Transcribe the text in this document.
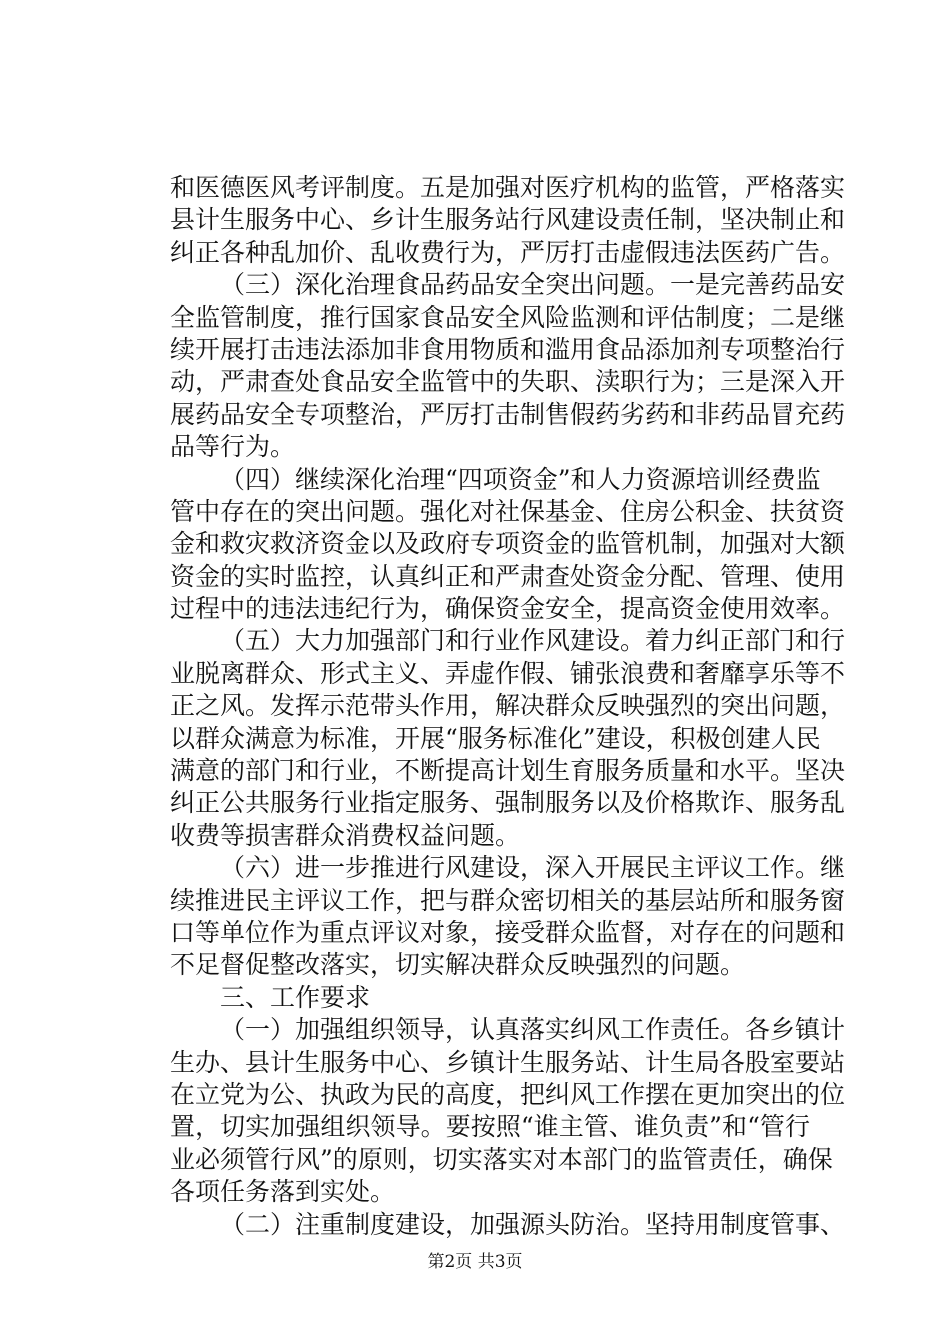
和医德医风考评制度。五是加强对医疗机构的监管，严格落实
县计生服务中心、乡计生服务站行风建设责任制，坚决制止和
纠正各种乱加价、乱收费行为，严厉打击虚假违法医药广告。
（三）深化治理食品药品安全突出问题。一是完善药品安
全监管制度，推行国家食品安全风险监测和评估制度；二是继
续开展打击违法添加非食用物质和滥用食品添加剂专项整治行
动，严肃查处食品安全监管中的失职、渎职行为；三是深入开
展药品安全专项整治，严厉打击制售假药劣药和非药品冒充药
品等行为。
（四）继续深化治理“四项资金”和人力资源培训经费监
管中存在的突出问题。强化对社保基金、住房公积金、扶贫资
金和救灾救济资金以及政府专项资金的监管机制，加强对大额
资金的实时监控，认真纠正和严肃查处资金分配、管理、使用
过程中的违法违纪行为，确保资金安全，提高资金使用效率。
（五）大力加强部门和行业作风建设。着力纠正部门和行
业脱离群众、形式主义、弄虚作假、铺张浪费和奢靡享乐等不
正之风。发挥示范带头作用，解决群众反映强烈的突出问题，
以群众满意为标准，开展“服务标准化”建设，积极创建人民
满意的部门和行业，不断提高计划生育服务质量和水平。坚决
纠正公共服务行业指定服务、强制服务以及价格欺诈、服务乱
收费等损害群众消费权益问题。
（六）进一步推进行风建设，深入开展民主评议工作。继
续推进民主评议工作，把与群众密切相关的基层站所和服务窗
口等单位作为重点评议对象，接受群众监督，对存在的问题和
不足督促整改落实，切实解决群众反映强烈的问题。
三、工作要求
（一）加强组织领导，认真落实纠风工作责任。各乡镇计
生办、县计生服务中心、乡镇计生服务站、计生局各股室要站
在立党为公、执政为民的高度，把纠风工作摆在更加突出的位
置，切实加强组织领导。要按照“谁主管、谁负责”和“管行
业必须管行风”的原则，切实落实对本部门的监管责任，确保
各项任务落到实处。
（二）注重制度建设，加强源头防治。坚持用制度管事、
第2页 共3页
